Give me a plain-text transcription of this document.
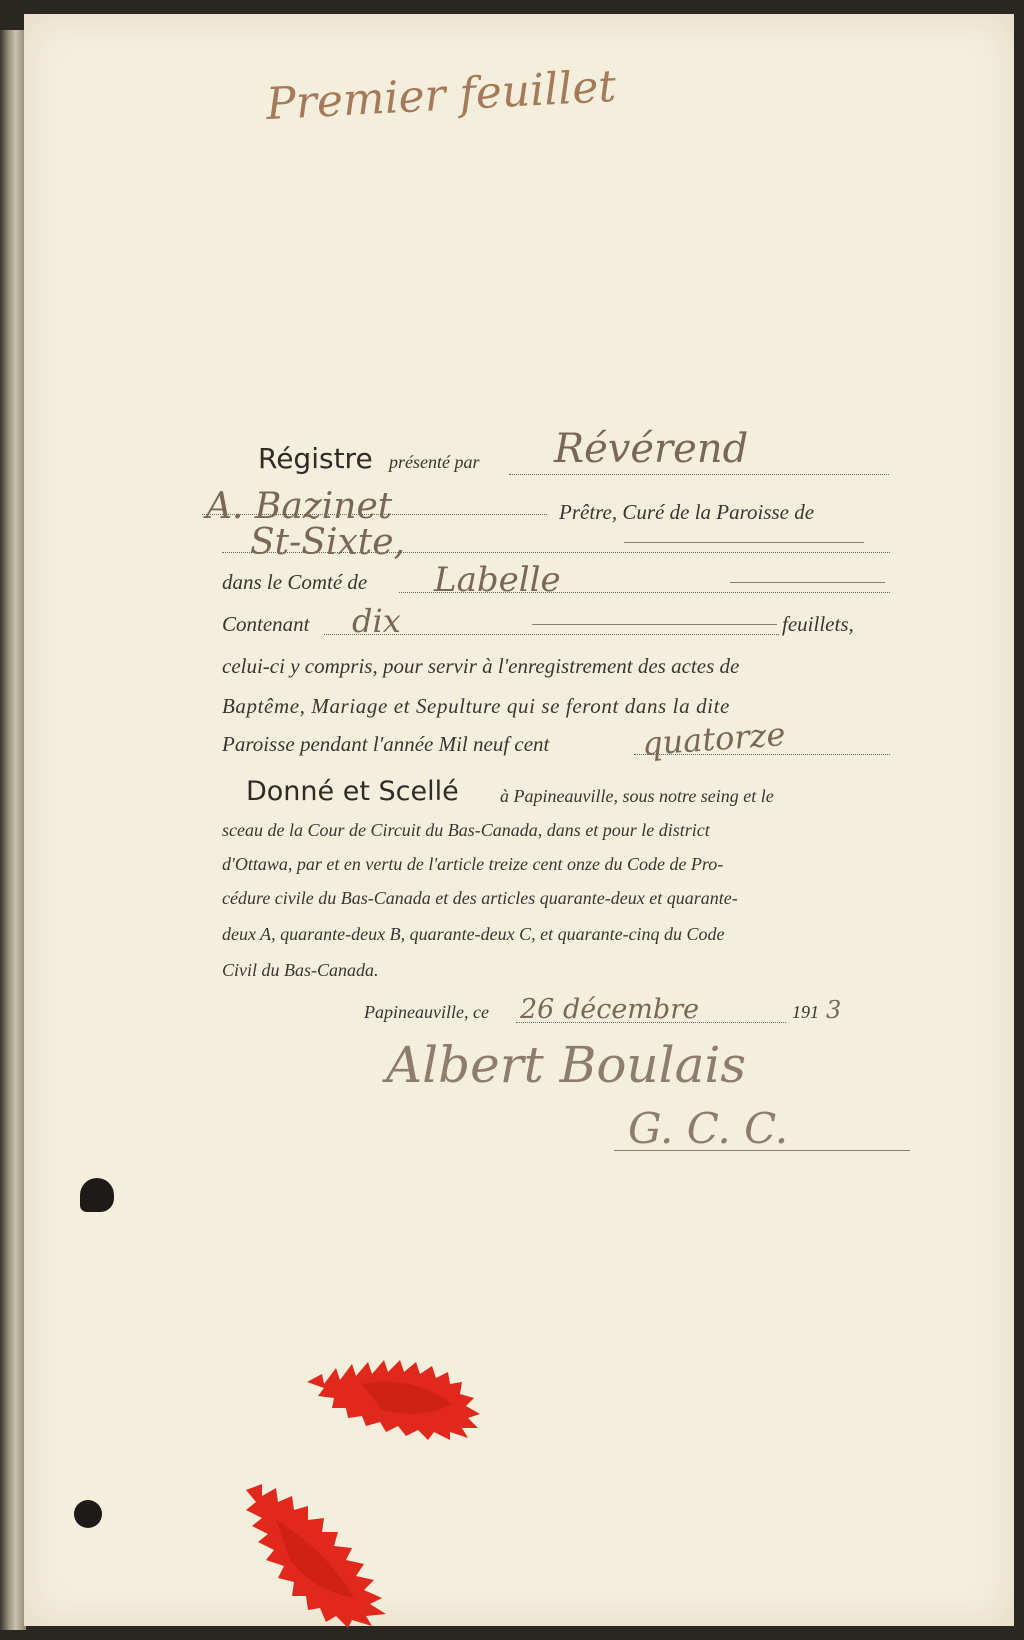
Premier feuillet
Régistre présenté par Révérend
A. Bazinet	Prêtre, Curé de la Paroisse de
St-Sixte,
dans le Comté de Labelle
Contenant dix	feuillets,
celui-ci y compris, pour servir à l'enregistrement des actes de
Baptême, Mariage et Sepulture qui se feront dans la dite
Paroisse pendant l'année Mil neuf cent	quatorze
Donné et Scellé à Papineauville, sous notre seing et le
sceau de la Cour de Circuit du Bas-Canada, dans et pour le district
d'Ottawa, par et en vertu de l'article treize cent onze du Code de Pro-
cédure civile du Bas-Canada et des articles quarante-deux et quarante-
deux A, quarante-deux B, quarante-deux C, et quarante-cinq du Code
Civil du Bas-Canada.
Papineauville, ce 26 décembre	191 3
Albert Boulais
G. C. C.
